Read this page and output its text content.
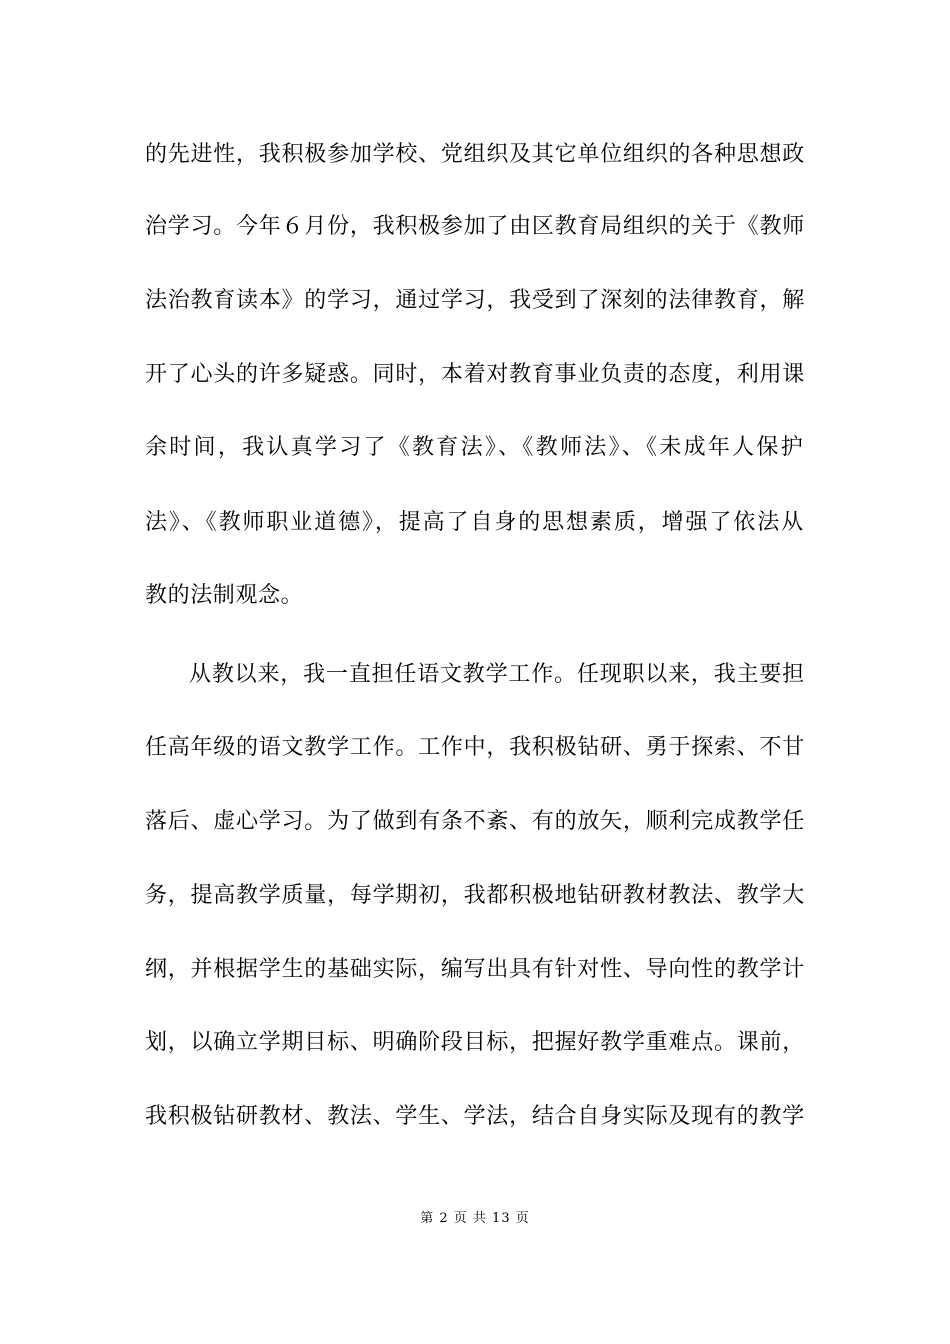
的先进性，我积极参加学校、党组织及其它单位组织的各种思想政
治学习。今年６月份，我积极参加了由区教育局组织的关于《教师
法治教育读本》的学习，通过学习，我受到了深刻的法律教育，解
开了心头的许多疑惑。同时，本着对教育事业负责的态度，利用课
余时间，我认真学习了《教育法》、《教师法》、《未成年人保护
法》、《教师职业道德》，提高了自身的思想素质，增强了依法从
教的法制观念。
从教以来，我一直担任语文教学工作。任现职以来，我主要担
任高年级的语文教学工作。工作中，我积极钻研、勇于探索、不甘
落后、虚心学习。为了做到有条不紊、有的放矢，顺利完成教学任
务，提高教学质量，每学期初，我都积极地钻研教材教法、教学大
纲，并根据学生的基础实际，编写出具有针对性、导向性的教学计
划，以确立学期目标、明确阶段目标，把握好教学重难点。课前，
我积极钻研教材、教法、学生、学法，结合自身实际及现有的教学
第 2 页 共 13 页
